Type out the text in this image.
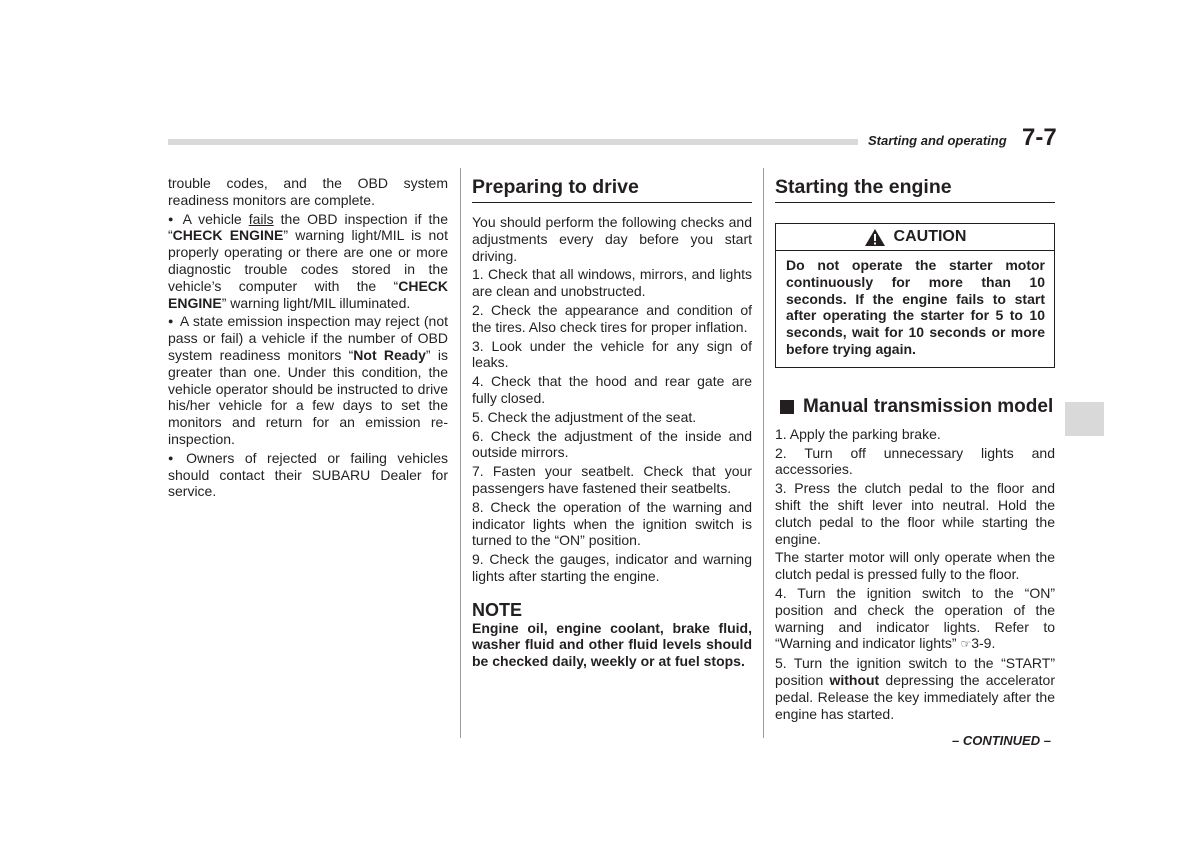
Starting and operating 7-7

trouble codes, and the OBD system readiness monitors are complete.

● A vehicle fails the OBD inspection if the “CHECK ENGINE” warning light/MIL is not properly operating or there are one or more diagnostic trouble codes stored in the vehicle’s computer with the “CHECK ENGINE” warning light/MIL illuminated.

● A state emission inspection may reject (not pass or fail) a vehicle if the number of OBD system readiness monitors “Not Ready” is greater than one. Under this condition, the vehicle operator should be instructed to drive his/her vehicle for a few days to set the monitors and return for an emission re-inspection.

● Owners of rejected or failing vehicles should contact their SUBARU Dealer for service.

Preparing to drive

You should perform the following checks and adjustments every day before you start driving.

1. Check that all windows, mirrors, and lights are clean and unobstructed.

2. Check the appearance and condition of the tires. Also check tires for proper inflation.

3. Look under the vehicle for any sign of leaks.

4. Check that the hood and rear gate are fully closed.

5. Check the adjustment of the seat.

6. Check the adjustment of the inside and outside mirrors.

7. Fasten your seatbelt. Check that your passengers have fastened their seatbelts.

8. Check the operation of the warning and indicator lights when the ignition switch is turned to the “ON” position.

9. Check the gauges, indicator and warning lights after starting the engine.

NOTE

Engine oil, engine coolant, brake fluid, washer fluid and other fluid levels should be checked daily, weekly or at fuel stops.

Starting the engine
CAUTION
Do not operate the starter motor continuously for more than 10 seconds. If the engine fails to start after operating the starter for 5 to 10 seconds, wait for 10 seconds or more before trying again.
Manual transmission model

1. Apply the parking brake.

2. Turn off unnecessary lights and accessories.

3. Press the clutch pedal to the floor and shift the shift lever into neutral. Hold the clutch pedal to the floor while starting the engine.

The starter motor will only operate when the clutch pedal is pressed fully to the floor.

4. Turn the ignition switch to the “ON” position and check the operation of the warning and indicator lights. Refer to “Warning and indicator lights” ☞3-9.

5. Turn the ignition switch to the “START” position without depressing the accelerator pedal. Release the key immediately after the engine has started.

– CONTINUED –
